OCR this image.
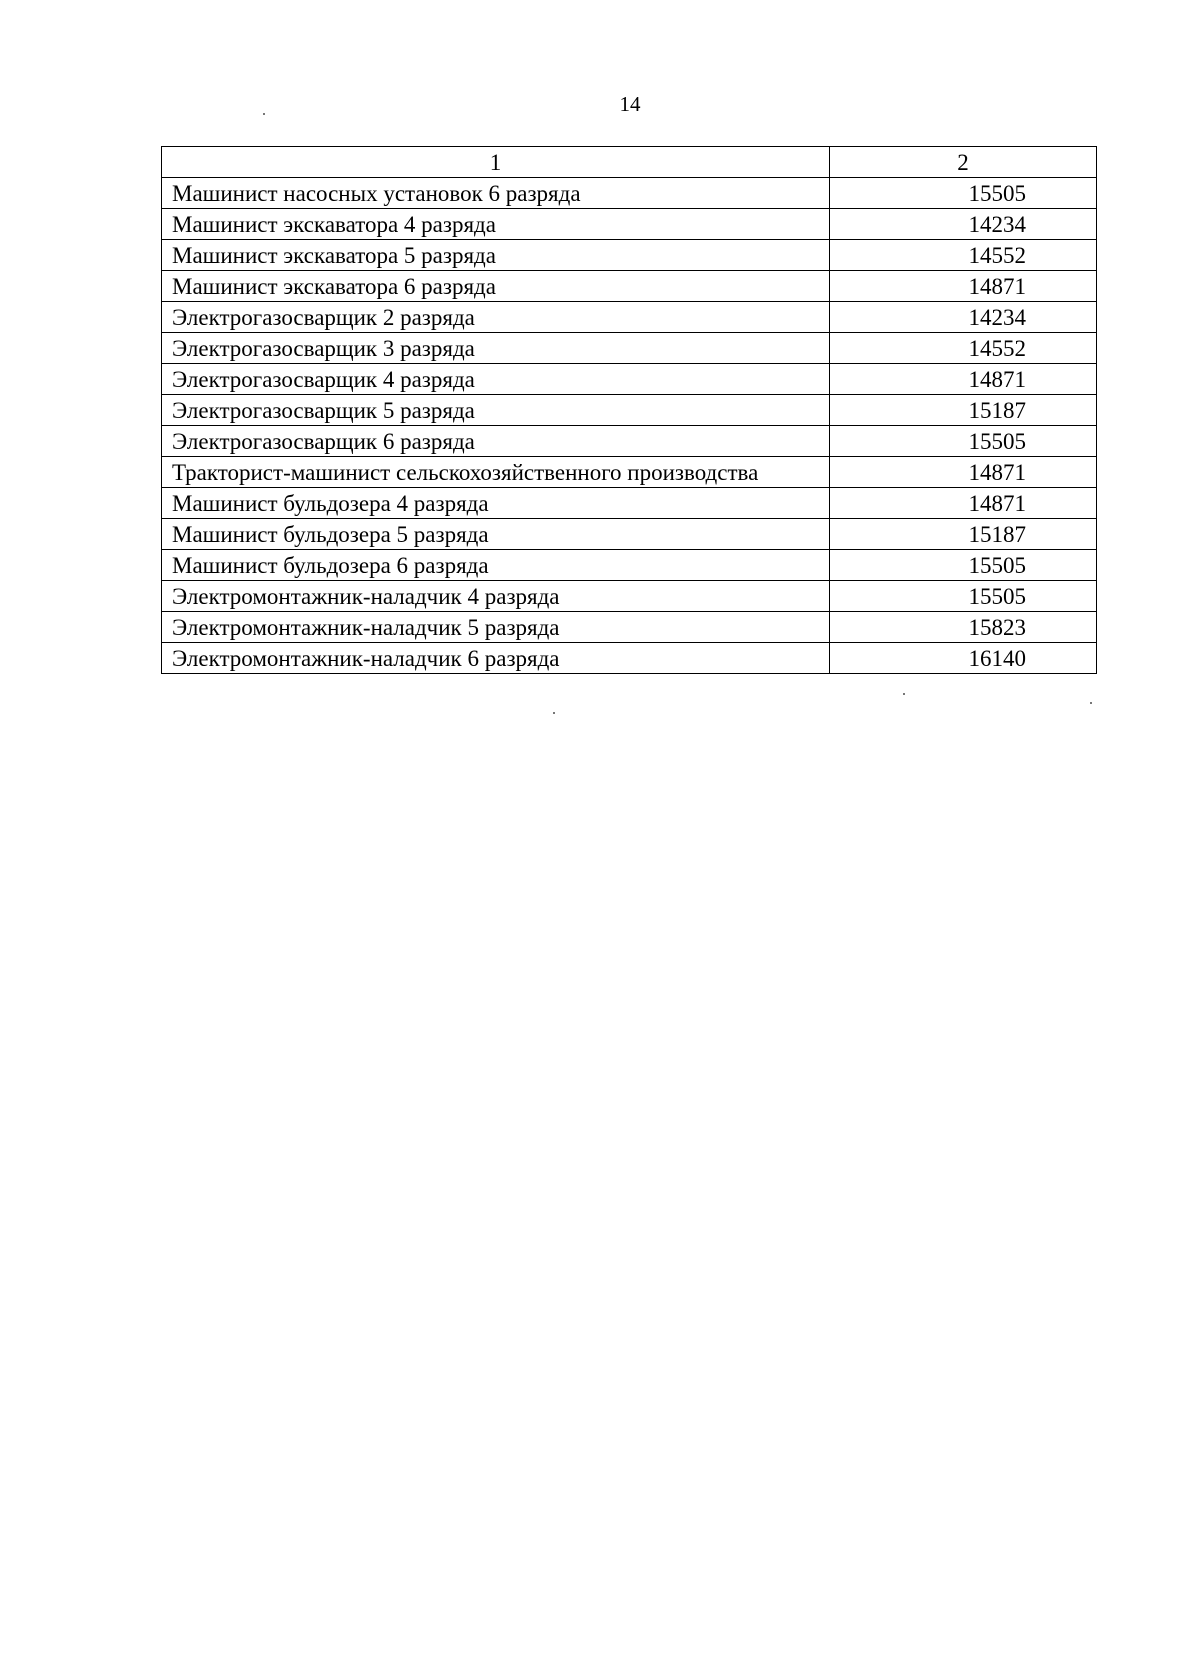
14
1	2
Машинист насосных установок 6 разряда	15505
Машинист экскаватора 4 разряда	14234
Машинист экскаватора 5 разряда	14552
Машинист экскаватора 6 разряда	14871
Электрогазосварщик 2 разряда	14234
Электрогазосварщик 3 разряда	14552
Электрогазосварщик 4 разряда	14871
Электрогазосварщик 5 разряда	15187
Электрогазосварщик 6 разряда	15505
Тракторист-машинист сельскохозяйственного производства	14871
Машинист бульдозера 4 разряда	14871
Машинист бульдозера 5 разряда	15187
Машинист бульдозера 6 разряда	15505
Электромонтажник-наладчик 4 разряда	15505
Электромонтажник-наладчик 5 разряда	15823
Электромонтажник-наладчик 6 разряда	16140
